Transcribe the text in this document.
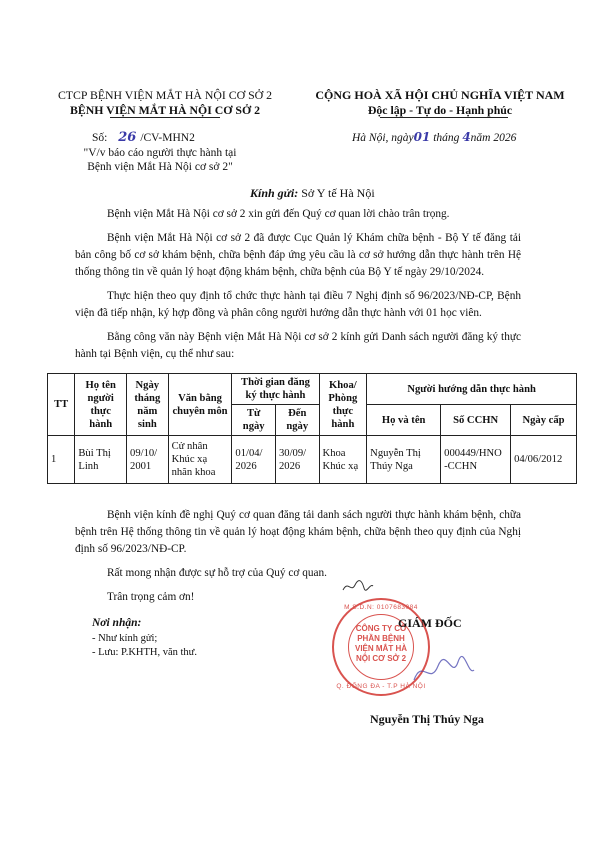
CTCP BỆNH VIỆN MẮT HÀ NỘI CƠ SỞ 2
BỆNH VIỆN MẮT HÀ NỘI CƠ SỞ 2
Số: 26 /CV-MHN2
"V/v báo cáo người thực hành tại
Bệnh viện Mắt Hà Nội cơ sở 2"
CỘNG HOÀ XÃ HỘI CHỦ NGHĨA VIỆT NAM
Độc lập - Tự do - Hạnh phúc
Hà Nội, ngày01 tháng 4năm 2026
Kính gửi: Sở Y tế Hà Nội

Bệnh viện Mắt Hà Nội cơ sở 2 xin gửi đến Quý cơ quan lời chào trân trọng.

Bệnh viện Mắt Hà Nội cơ sở 2 đã được Cục Quản lý Khám chữa bệnh - Bộ Y tế đăng tải bản công bố cơ sở khám bệnh, chữa bệnh đáp ứng yêu cầu là cơ sở hướng dẫn thực hành trên Hệ thống thông tin về quản lý hoạt động khám bệnh, chữa bệnh của Bộ Y tế ngày 29/10/2024.

Thực hiện theo quy định tổ chức thực hành tại điều 7 Nghị định số 96/2023/NĐ-CP, Bệnh viện đã tiếp nhận, ký hợp đồng và phân công người hướng dẫn thực hành với 01 học viên.

Bằng công văn này Bệnh viện Mắt Hà Nội cơ sở 2 kính gửi Danh sách người đăng ký thực hành tại Bệnh viện, cụ thể như sau:

TT	Họ tên người thực hành	Ngày tháng năm sinh	Văn bằng chuyên môn	Thời gian đăng ký thực hành		Khoa/ Phòng thực hành	Người hướng dẫn thực hành		
				Từ ngày	Đến ngày		Họ và tên	Số CCHN	Ngày cấp
1	Bùi Thị Linh	09/10/ 2001	Cử nhân Khúc xạ nhãn khoa	01/04/ 2026	30/09/ 2026	Khoa Khúc xạ	Nguyễn Thị Thúy Nga	000449/HNO -CCHN	04/06/2012

Bệnh viện kính đề nghị Quý cơ quan đăng tải danh sách người thực hành khám bệnh, chữa bệnh trên Hệ thống thông tin về quản lý hoạt động khám bệnh, chữa bệnh theo quy định của Nghị định số 96/2023/NĐ-CP.

Rất mong nhận được sự hỗ trợ của Quý cơ quan.

Trân trọng cảm ơn!

Nơi nhận:
- Như kính gửi;
- Lưu: P.KHTH, văn thư.
M.S.D.N: 0107683084
CÔNG TY CỔ PHẦN BỆNH VIỆN MẮT HÀ NỘI CƠ SỞ 2
Q. ĐỐNG ĐA - T.P HÀ NỘI
GIÁM ĐỐC
Nguyễn Thị Thúy Nga
